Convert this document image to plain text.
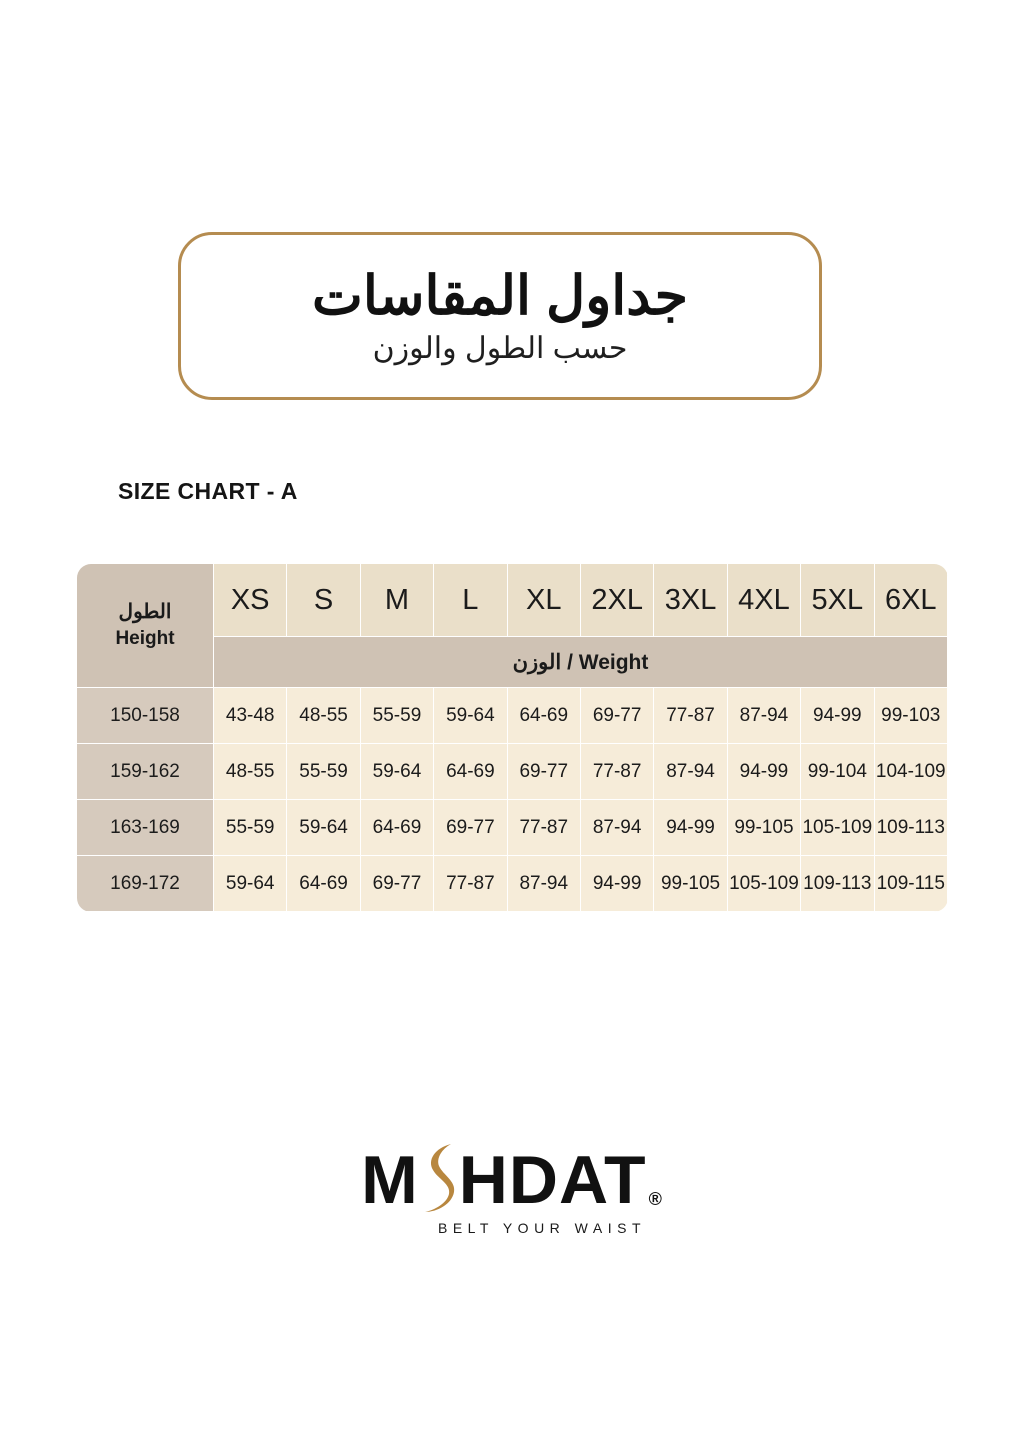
جداول المقاسات
حسب الطول والوزن
SIZE CHART - A
الطول
Height	XS	S	M	L	XL	2XL	3XL	4XL	5XL	6XL
	الوزن / Weight									
150-158	43-48	48-55	55-59	59-64	64-69	69-77	77-87	87-94	94-99	99-103
159-162	48-55	55-59	59-64	64-69	69-77	77-87	87-94	94-99	99-104	104-109
163-169	55-59	59-64	64-69	69-77	77-87	87-94	94-99	99-105	105-109	109-113
169-172	59-64	64-69	69-77	77-87	87-94	94-99	99-105	105-109	109-113	109-115
M H DAT ®
BELT YOUR WAIST
